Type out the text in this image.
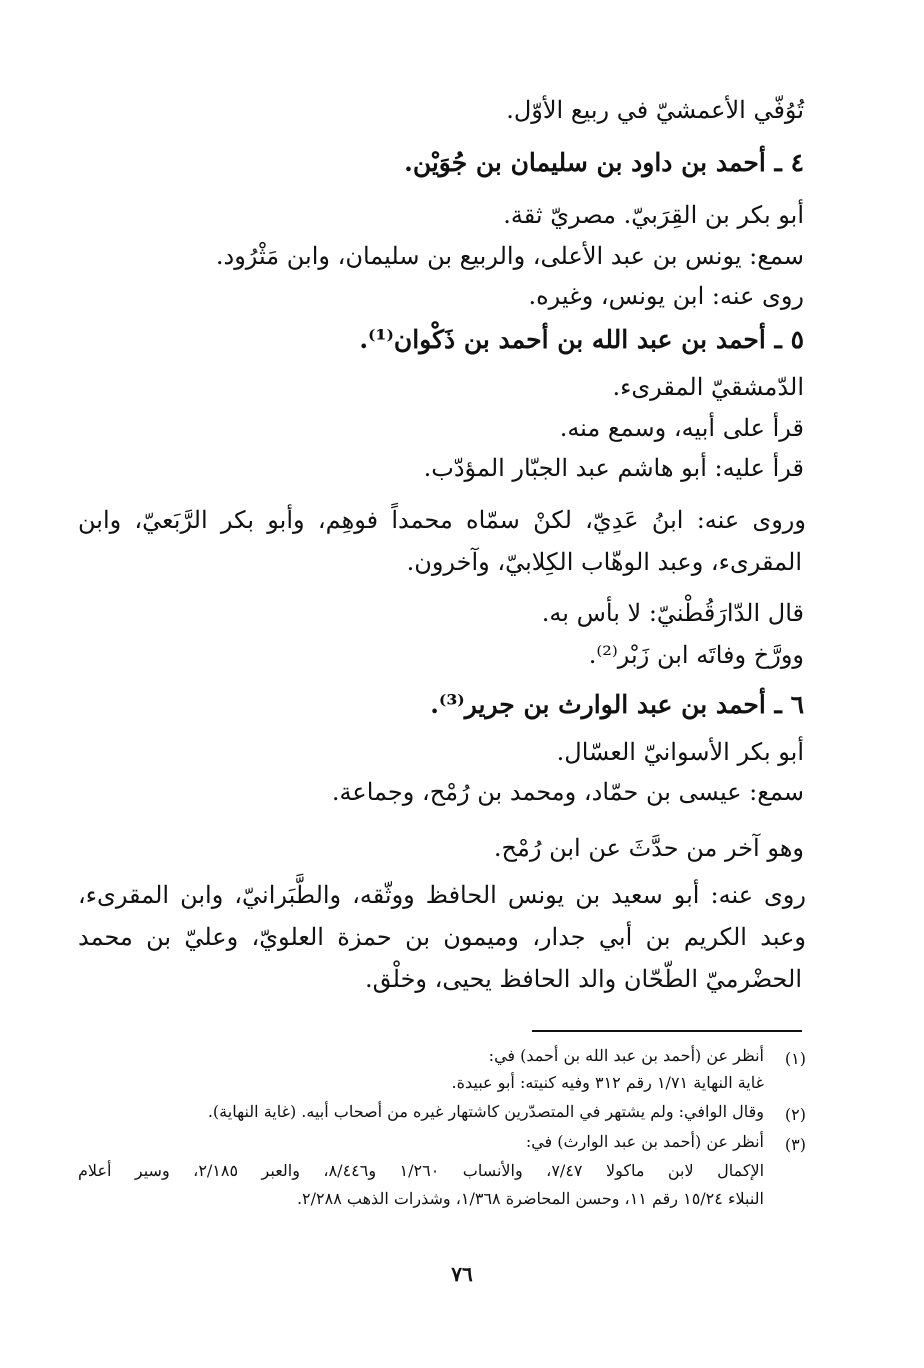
تُوُفّي الأعمشيّ في ربيع الأوّل.
٤ ـ أحمد بن داود بن سليمان بن جُوَيْن.
أبو بكر بن القِرَبيّ. مصريّ ثقة.
سمع: يونس بن عبد الأعلى، والربيع بن سليمان، وابن مَثْرُود.
روى عنه: ابن يونس، وغيره.
٥ ـ أحمد بن عبد الله بن أحمد بن ذَكْوان⁽¹⁾.
الدّمشقيّ المقرىء.
قرأ على أبيه، وسمع منه.
قرأ عليه: أبو هاشم عبد الجبّار المؤدّب.
وروى عنه: ابنُ عَدِيّ، لكنْ سمّاه محمداً فوهِم، وأبو بكر الرَّبَعيّ، وابن
المقرىء، وعبد الوهّاب الكِلابيّ، وآخرون.
قال الدّارَقُطْنيّ: لا بأس به.
وورَّخ وفاتَه ابن زَبْر⁽²⁾.
٦ ـ أحمد بن عبد الوارث بن جرير⁽³⁾.
أبو بكر الأسوانيّ العسّال.
سمع: عيسى بن حمّاد، ومحمد بن رُمْح، وجماعة.
وهو آخر من حدَّثَ عن ابن رُمْح.
روى عنه: أبو سعيد بن يونس الحافظ ووثّقه، والطَّبَرانيّ، وابن المقرىء،
وعبد الكريم بن أبي جدار، وميمون بن حمزة العلويّ، وعليّ بن محمد
الحضْرميّ الطّحّان والد الحافظ يحيى، وخلْق.
(١)
أنظر عن (أحمد بن عبد الله بن أحمد) في:
غاية النهاية ١/٧١ رقم ٣١٢ وفيه كنيته: أبو عبيدة.
(٢)
وقال الوافي: ولم يشتهر في المتصدّرين كاشتهار غيره من أصحاب أبيه. (غاية النهاية).
(٣)
أنظر عن (أحمد بن عبد الوارث) في:
الإكمال لابن ماكولا ٧/٤٧، والأنساب ١/٢٦٠ و٨/٤٤٦، والعبر ٢/١٨٥، وسير أعلام
النبلاء ١٥/٢٤ رقم ١١، وحسن المحاضرة ١/٣٦٨، وشذرات الذهب ٢/٢٨٨.
٧٦
